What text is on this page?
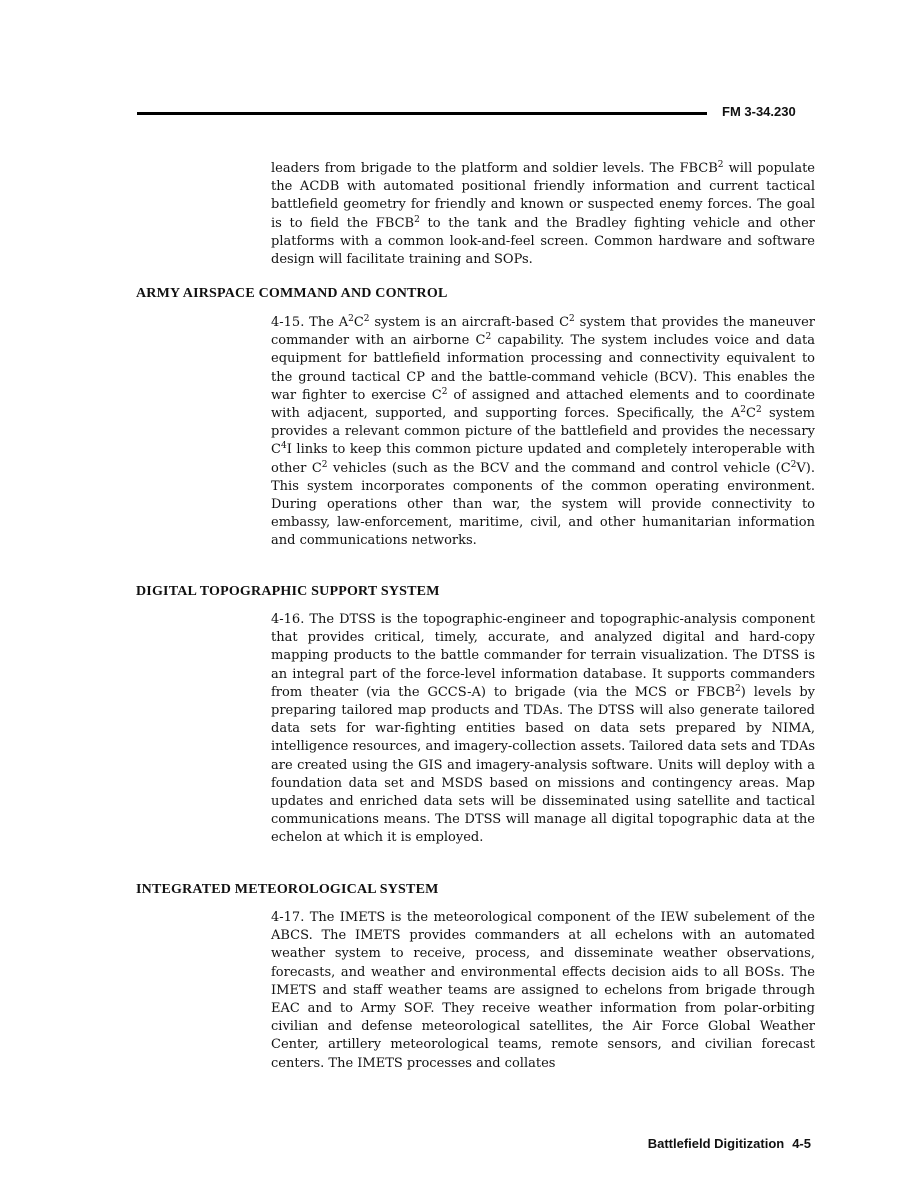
FM 3-34.230

leaders from brigade to the platform and soldier levels. The FBCB$^2$ will populate the ACDB with automated positional friendly information and current tactical battlefield geometry for friendly and known or suspected enemy forces. The goal is to field the FBCB$^2$ to the tank and the Bradley fighting vehicle and other platforms with a common look-and-feel screen. Common hardware and software design will facilitate training and SOPs.

ARMY AIRSPACE COMMAND AND CONTROL

4-15. The $A^2C^2$ system is an aircraft-based $C^2$ system that provides the maneuver commander with an airborne $C^2$ capability. The system includes voice and data equipment for battlefield information processing and connectivity equivalent to the ground tactical CP and the battle-command vehicle (BCV). This enables the war fighter to exercise $C^2$ of assigned and attached elements and to coordinate with adjacent, supported, and supporting forces. Specifically, the $A^2C^2$ system provides a relevant common picture of the battlefield and provides the necessary $C^4I$ links to keep this common picture updated and completely interoperable with other $C^2$ vehicles (such as the BCV and the command and control vehicle $(C^2V)$. This system incorporates components of the common operating environment. During operations other than war, the system will provide connectivity to embassy, law-enforcement, maritime, civil, and other humanitarian information and communications networks.

DIGITAL TOPOGRAPHIC SUPPORT SYSTEM

4-16. The DTSS is the topographic-engineer and topographic-analysis component that provides critical, timely, accurate, and analyzed digital and hard-copy mapping products to the battle commander for terrain visualization. The DTSS is an integral part of the force-level information database. It supports commanders from theater (via the GCCS-A) to brigade (via the MCS or FBCB$^2$) levels by preparing tailored map products and TDAs. The DTSS will also generate tailored data sets for war-fighting entities based on data sets prepared by NIMA, intelligence resources, and imagery-collection assets. Tailored data sets and TDAs are created using the GIS and imagery-analysis software. Units will deploy with a foundation data set and MSDS based on missions and contingency areas. Map updates and enriched data sets will be disseminated using satellite and tactical communications means. The DTSS will manage all digital topographic data at the echelon at which it is employed.

INTEGRATED METEOROLOGICAL SYSTEM

4-17. The IMETS is the meteorological component of the IEW subelement of the ABCS. The IMETS provides commanders at all echelons with an automated weather system to receive, process, and disseminate weather observations, forecasts, and weather and environmental effects decision aids to all BOSs. The IMETS and staff weather teams are assigned to echelons from brigade through EAC and to Army SOF. They receive weather information from polar-orbiting civilian and defense meteorological satellites, the Air Force Global Weather Center, artillery meteorological teams, remote sensors, and civilian forecast centers. The IMETS processes and collates

Battlefield Digitization 4-5
